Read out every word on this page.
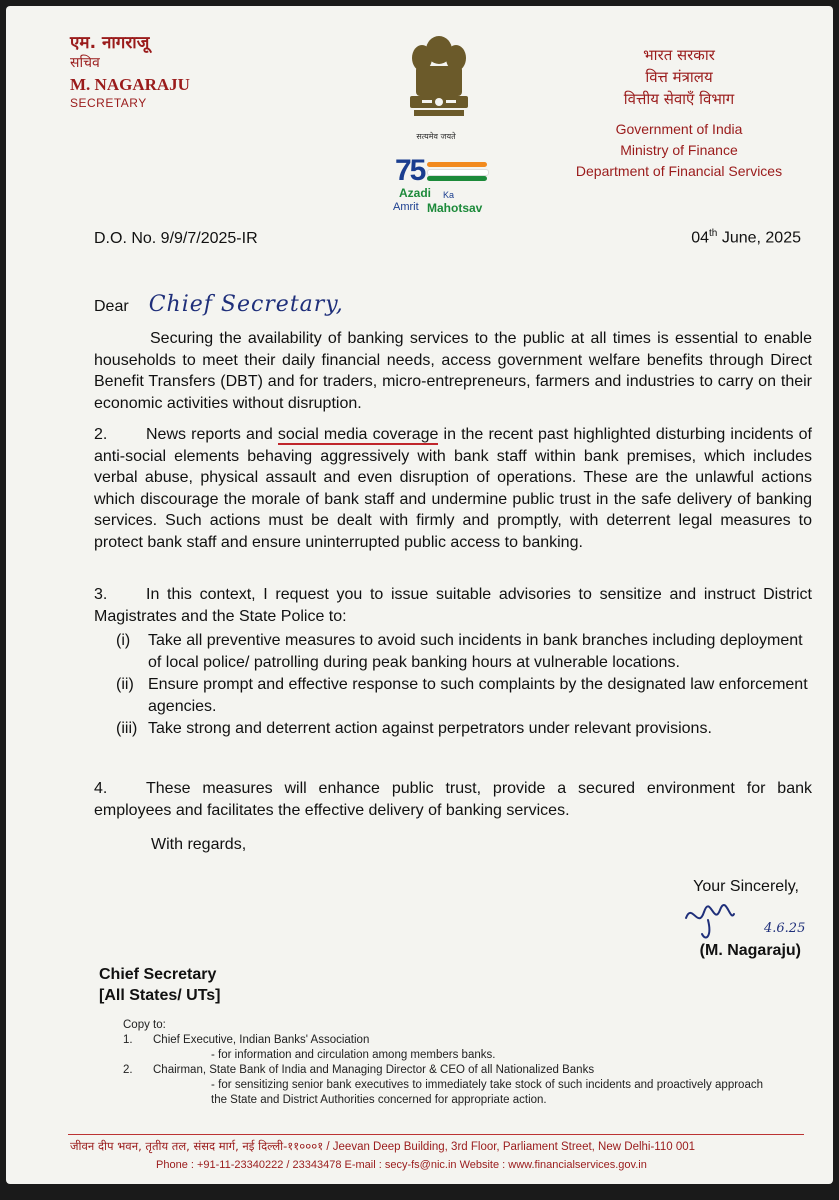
एम. नागराजू
सचिव
M. NAGARAJU
SECRETARY
सत्यमेव जयते
75
Azadi Ka
Amrit Mahotsav
भारत सरकार
वित्त मंत्रालय
वित्तीय सेवाएँ विभाग
Government of India
Ministry of Finance
Department of Financial Services
D.O. No. 9/9/7/2025-IR	04th June, 2025
Dear Chief Secretary,
Securing the availability of banking services to the public at all times is essential to enable households to meet their daily financial needs, access government welfare benefits through Direct Benefit Transfers (DBT) and for traders, micro-entrepreneurs, farmers and industries to carry on their economic activities without disruption.
2. News reports and social media coverage in the recent past highlighted disturbing incidents of anti-social elements behaving aggressively with bank staff within bank premises, which includes verbal abuse, physical assault and even disruption of operations. These are the unlawful actions which discourage the morale of bank staff and undermine public trust in the safe delivery of banking services. Such actions must be dealt with firmly and promptly, with deterrent legal measures to protect bank staff and ensure uninterrupted public access to banking.
3. In this context, I request you to issue suitable advisories to sensitize and instruct District Magistrates and the State Police to:
(i)	Take all preventive measures to avoid such incidents in bank branches including deployment of local police/ patrolling during peak banking hours at vulnerable locations.
(ii) Ensure prompt and effective response to such complaints by the designated law enforcement agencies.
(iii) Take strong and deterrent action against perpetrators under relevant provisions.
4. These measures will enhance public trust, provide a secured environment for bank employees and facilitates the effective delivery of banking services.
With regards,
Your Sincerely,
4.6.25
(M. Nagaraju)
Chief Secretary
[All States/ UTs]
Copy to:
1.	Chief Executive, Indian Banks' Association
- for information and circulation among members banks.
2.	Chairman, State Bank of India and Managing Director & CEO of all Nationalized Banks
- for sensitizing senior bank executives to immediately take stock of such incidents and proactively approach the State and District Authorities concerned for appropriate action.
जीवन दीप भवन, तृतीय तल, संसद मार्ग, नई दिल्ली-११०००१ / Jeevan Deep Building, 3rd Floor, Parliament Street, New Delhi-110 001
Phone : +91-11-23340222 / 23343478 E-mail : secy-fs@nic.in Website : www.financialservices.gov.in
